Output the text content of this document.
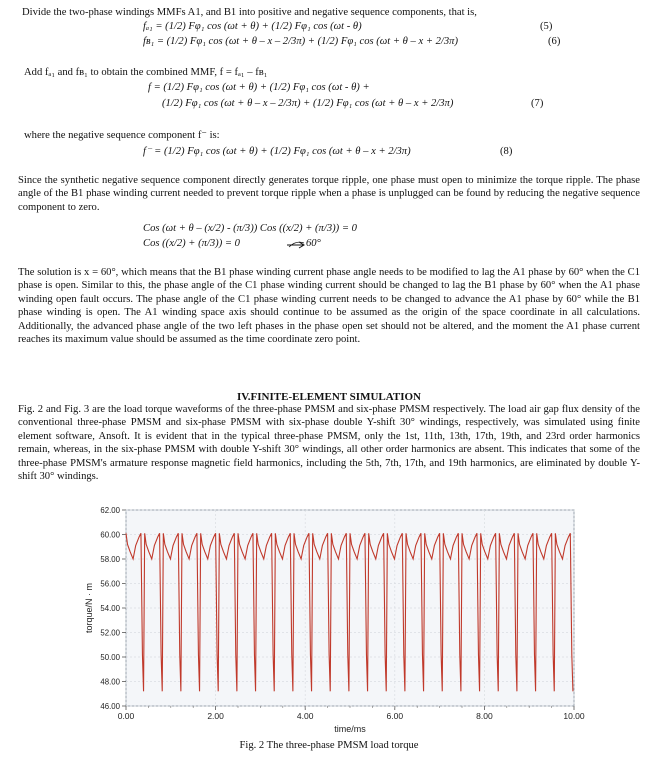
Divide the two-phase windings MMFs A1, and B1 into positive and negative sequence components, that is,

fₐ₁ = (1/2) Fφ₁ cos (ωt + θ) + (1/2) Fφ₁ cos (ωt - θ)	(5)
fʙ₁ = (1/2) Fφ₁ cos (ωt + θ – x – 2/3π) + (1/2) Fφ₁ cos (ωt + θ – x + 2/3π)	(6)
Add fₐ₁ and fʙ₁ to obtain the combined MMF, f = fₐ₁ – fʙ₁
f = (1/2) Fφ₁ cos (ωt + θ) + (1/2) Fφ₁ cos (ωt - θ) +
(1/2) Fφ₁ cos (ωt + θ – x – 2/3π) + (1/2) Fφ₁ cos (ωt + θ – x + 2/3π)	(7)
where the negative sequence component f⁻ is:
f⁻ = (1/2) Fφ₁ cos (ωt + θ) + (1/2) Fφ₁ cos (ωt + θ – x + 2/3π)	(8)

Since the synthetic negative sequence component directly generates torque ripple, one phase must open to minimize the torque ripple. The phase angle of the B1 phase winding current needed to prevent torque ripple when a phase is unplugged can be found by reducing the negative sequence component to zero.

Cos (ωt + θ – (x/2) - (π/3)) Cos ((x/2) + (π/3)) = 0
Cos ((x/2) + (π/3)) = 0	60°

The solution is x = 60°, which means that the B1 phase winding current phase angle needs to be modified to lag the A1 phase by 60° when the C1 phase is open. Similar to this, the phase angle of the C1 phase winding current should be changed to lag the B1 phase by 60° when the A1 phase winding open fault occurs. The phase angle of the C1 phase winding current needs to be changed to advance the A1 phase by 60° while the B1 phase winding is open. The A1 winding space axis should continue to be assumed as the origin of the space coordinate in all calculations. Additionally, the advanced phase angle of the two left phases in the phase open set should not be altered, and the moment the A1 phase current reaches its maximum value should be assumed as the time coordinate zero point.

IV.FINITE-ELEMENT SIMULATION

Fig. 2 and Fig. 3 are the load torque waveforms of the three-phase PMSM and six-phase PMSM respectively. The load air gap flux density of the conventional three-phase PMSM and six-phase PMSM with six-phase double Y-shift 30° windings, respectively, was simulated using finite element software, Ansoft. It is evident that in the typical three-phase PMSM, only the 1st, 11th, 13th, 17th, 19th, and 23rd order harmonics remain, whereas, in the six-phase PMSM with double Y-shift 30° windings, all other order harmonics are absent. This indicates that some of the three-phase PMSM's armature response magnetic field harmonics, including the 5th, 7th, 17th, and 19th harmonics, are eliminated by double Y-shift 30° windings.

46.00
48.00
50.00
52.00
54.00
56.00
58.00
60.00
62.00
0.00	2.00	4.00	6.00	8.00	10.00
time/ms
torque/N · m
Fig. 2 The three-phase PMSM load torque
